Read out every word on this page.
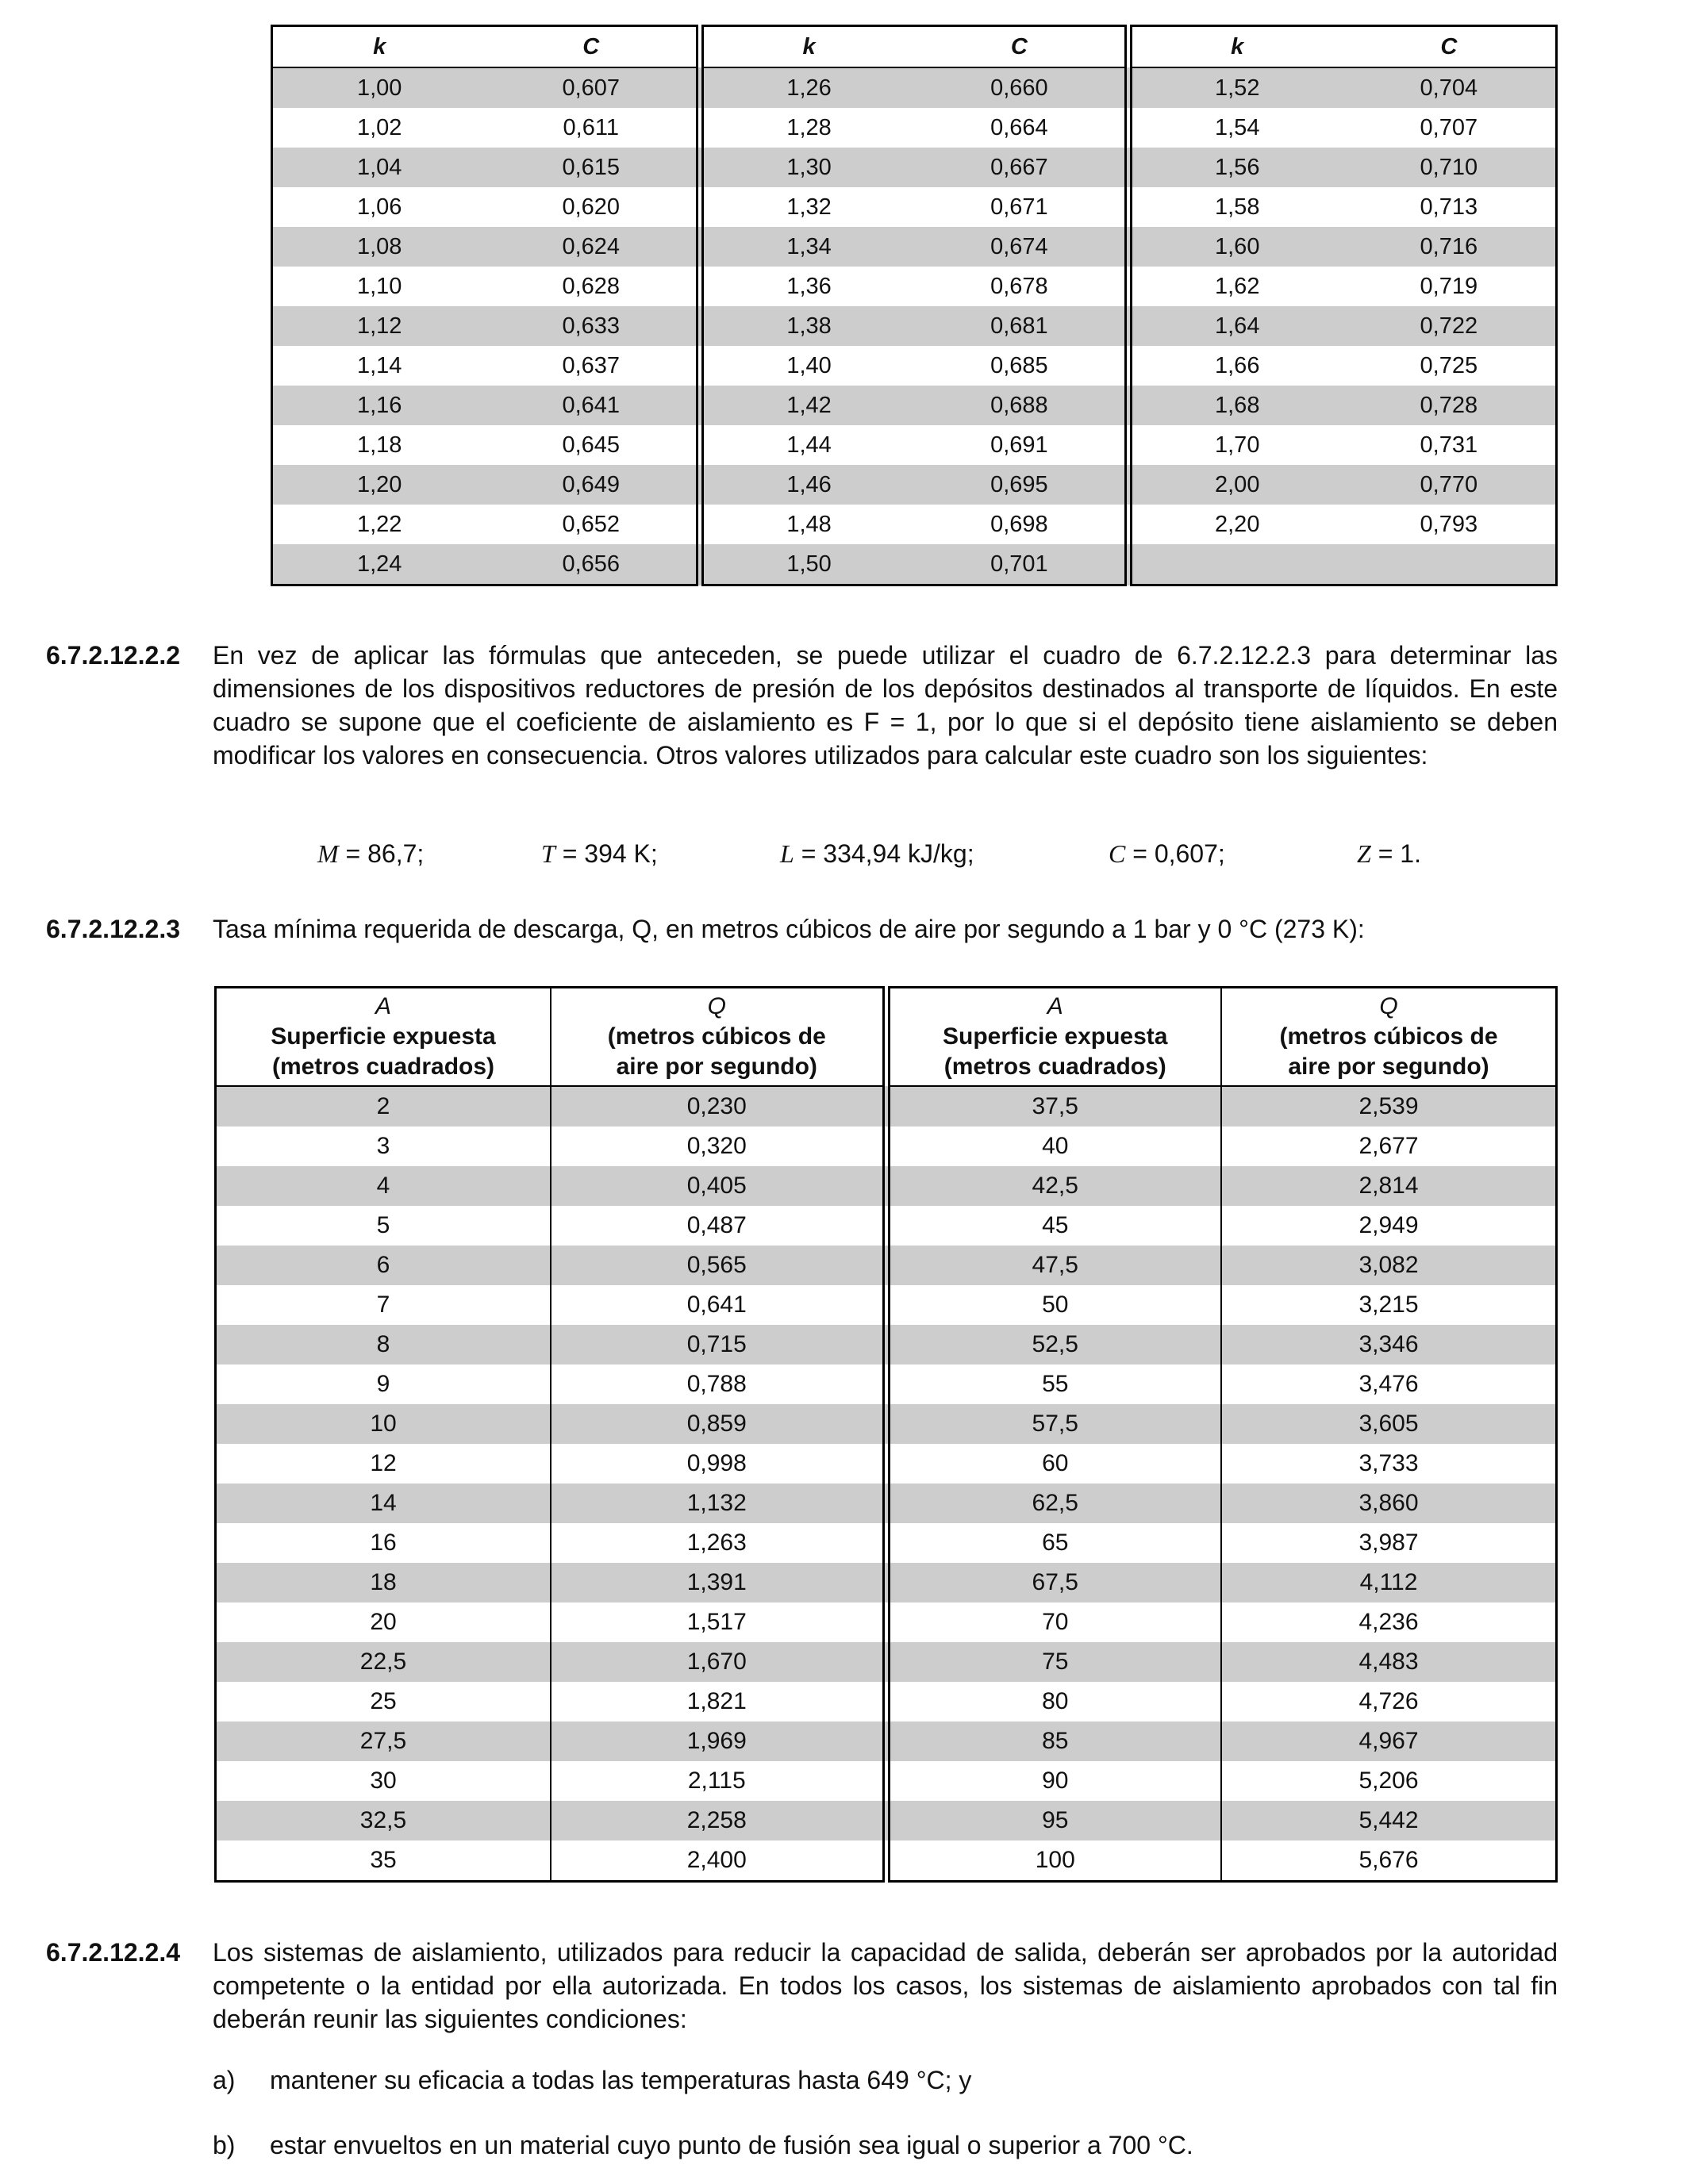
k	C	k	C	k	C
1,00	0,607	1,26	0,660	1,52	0,704
1,02	0,611	1,28	0,664	1,54	0,707
1,04	0,615	1,30	0,667	1,56	0,710
1,06	0,620	1,32	0,671	1,58	0,713
1,08	0,624	1,34	0,674	1,60	0,716
1,10	0,628	1,36	0,678	1,62	0,719
1,12	0,633	1,38	0,681	1,64	0,722
1,14	0,637	1,40	0,685	1,66	0,725
1,16	0,641	1,42	0,688	1,68	0,728
1,18	0,645	1,44	0,691	1,70	0,731
1,20	0,649	1,46	0,695	2,00	0,770
1,22	0,652	1,48	0,698	2,20	0,793
1,24	0,656	1,50	0,701		
6.7.2.12.2.2 En vez de aplicar las fórmulas que anteceden, se puede utilizar el cuadro de 6.7.2.12.2.3 para determinar las dimensiones de los dispositivos reductores de presión de los depósitos destinados al transporte de líquidos. En este cuadro se supone que el coeficiente de aislamiento es F = 1, por lo que si el depósito tiene aislamiento se deben modificar los valores en consecuencia. Otros valores utilizados para calcular este cuadro son los siguientes:
M = 86,7;	T = 394 K;	L = 334,94 kJ/kg;	C = 0,607;	Z = 1.
6.7.2.12.2.3 Tasa mínima requerida de descarga, Q, en metros cúbicos de aire por segundo a 1 bar y 0 °C (273 K):
A
Superficie expuesta
(metros cuadrados)	Q
(metros cúbicos de
aire por segundo)	A
Superficie expuesta
(metros cuadrados)	Q
(metros cúbicos de
aire por segundo)
2	0,230	37,5	2,539
3	0,320	40	2,677
4	0,405	42,5	2,814
5	0,487	45	2,949
6	0,565	47,5	3,082
7	0,641	50	3,215
8	0,715	52,5	3,346
9	0,788	55	3,476
10	0,859	57,5	3,605
12	0,998	60	3,733
14	1,132	62,5	3,860
16	1,263	65	3,987
18	1,391	67,5	4,112
20	1,517	70	4,236
22,5	1,670	75	4,483
25	1,821	80	4,726
27,5	1,969	85	4,967
30	2,115	90	5,206
32,5	2,258	95	5,442
35	2,400	100	5,676
6.7.2.12.2.4 Los sistemas de aislamiento, utilizados para reducir la capacidad de salida, deberán ser aprobados por la autoridad competente o la entidad por ella autorizada. En todos los casos, los sistemas de aislamiento aprobados con tal fin deberán reunir las siguientes condiciones:
a) mantener su eficacia a todas las temperaturas hasta 649 °C; y
b) estar envueltos en un material cuyo punto de fusión sea igual o superior a 700 °C.
